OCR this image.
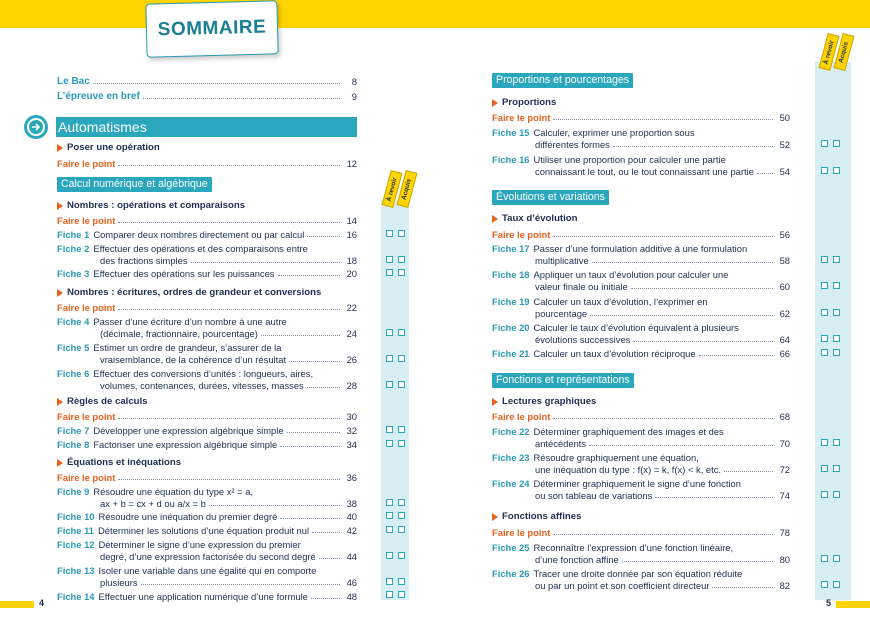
SOMMAIRE
À revoir Acquis
À revoir Acquis
Le Bac	8
L’épreuve en bref	9
Automatismes
Poser une opération
Faire le point	12
Calcul numérique et algébrique
Nombres : opérations et comparaisons
Faire le point	14
Fiche 1 Comparer deux nombres directement ou par calcul	16
Fiche 2 Effectuer des opérations et des comparaisons entre
des fractions simples	18
Fiche 3 Effectuer des opérations sur les puissances	20
Nombres : écritures, ordres de grandeur et conversions
Faire le point	22
Fiche 4 Passer d’une écriture d’un nombre à une autre
(décimale, fractionnaire, pourcentage)	24
Fiche 5 Estimer un ordre de grandeur, s’assurer de la
vraisemblance, de la cohérence d’un résultat	26
Fiche 6 Effectuer des conversions d’unités : longueurs, aires,
volumes, contenances, durées, vitesses, masses	28
Règles de calculs
Faire le point	30
Fiche 7 Développer une expression algébrique simple	32
Fiche 8 Factoriser une expression algébrique simple	34
Équations et inéquations
Faire le point	36
Fiche 9 Résoudre une équation du type x² = a,
ax + b = cx + d ou a/x = b	38
Fiche 10 Résoudre une inéquation du premier degré	40
Fiche 11 Déterminer les solutions d’une équation produit nul	42
Fiche 12 Déterminer le signe d’une expression du premier
degré, d’une expression factorisée du second degré	44
Fiche 13 Isoler une variable dans une égalité qui en comporte
plusieurs	46
Fiche 14 Effectuer une application numérique d’une formule	48
Proportions et pourcentages
Proportions
Faire le point	50
Fiche 15 Calculer, exprimer une proportion sous
différentes formes	52
Fiche 16 Utiliser une proportion pour calculer une partie
connaissant le tout, ou le tout connaissant une partie	54
Évolutions et variations
Taux d’évolution
Faire le point	56
Fiche 17 Passer d’une formulation additive à une formulation
multiplicative	58
Fiche 18 Appliquer un taux d’évolution pour calculer une
valeur finale ou initiale	60
Fiche 19 Calculer un taux d’évolution, l’exprimer en
pourcentage	62
Fiche 20 Calculer le taux d’évolution équivalent à plusieurs
évolutions successives	64
Fiche 21 Calculer un taux d’évolution réciproque	66
Fonctions et représentations
Lectures graphiques
Faire le point	68
Fiche 22 Déterminer graphiquement des images et des
antécédents	70
Fiche 23 Résoudre graphiquement une équation,
une inéquation du type : f(x) = k, f(x) < k, etc.	72
Fiche 24 Déterminer graphiquement le signe d’une fonction
ou son tableau de variations	74
Fonctions affines
Faire le point	78
Fiche 25 Reconnaître l’expression d’une fonction linéaire,
d’une fonction affine	80
Fiche 26 Tracer une droite donnée par son équation réduite
ou par un point et son coefficient directeur	82
4	5
